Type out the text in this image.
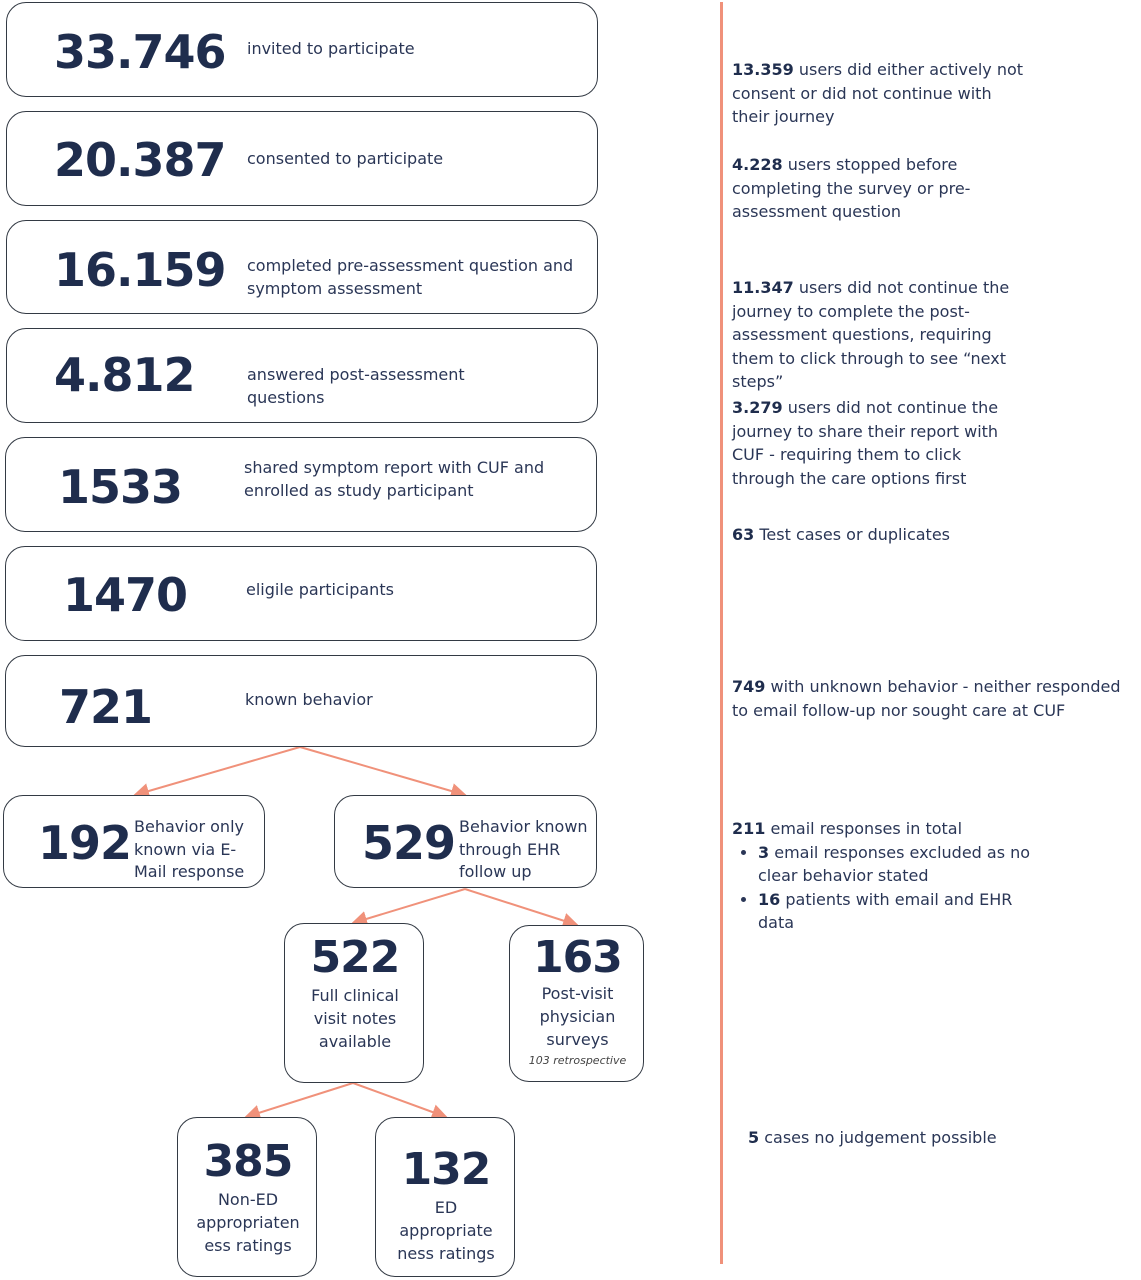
33.746 invited to participate
20.387 consented to participate
16.159 completed pre-assessment question and symptom assessment
4.812	answered post-assessment questions
1533	shared symptom report with CUF and enrolled as study participant
1470	eligile participants
721	known behavior
192 Behavior only known via E-Mail response
529 Behavior known through EHR follow up
522
Full clinical visit notes available
163
Post-visit physician surveys
103 retrospective
385
Non-ED appropriaten ess ratings
132
ED appropriate ness ratings
13.359 users did either actively not consent or did not continue with their journey
4.228 users stopped before completing the survey or pre-assessment question
11.347 users did not continue the journey to complete the post-assessment questions, requiring them to click through to see “next steps”
3.279 users did not continue the journey to share their report with CUF - requiring them to click through the care options first
63 Test cases or duplicates
749 with unknown behavior - neither responded to email follow-up nor sought care at CUF
211 email responses in total
• 3 email responses excluded as no clear behavior stated
• 16 patients with email and EHR data
5 cases no judgement possible
